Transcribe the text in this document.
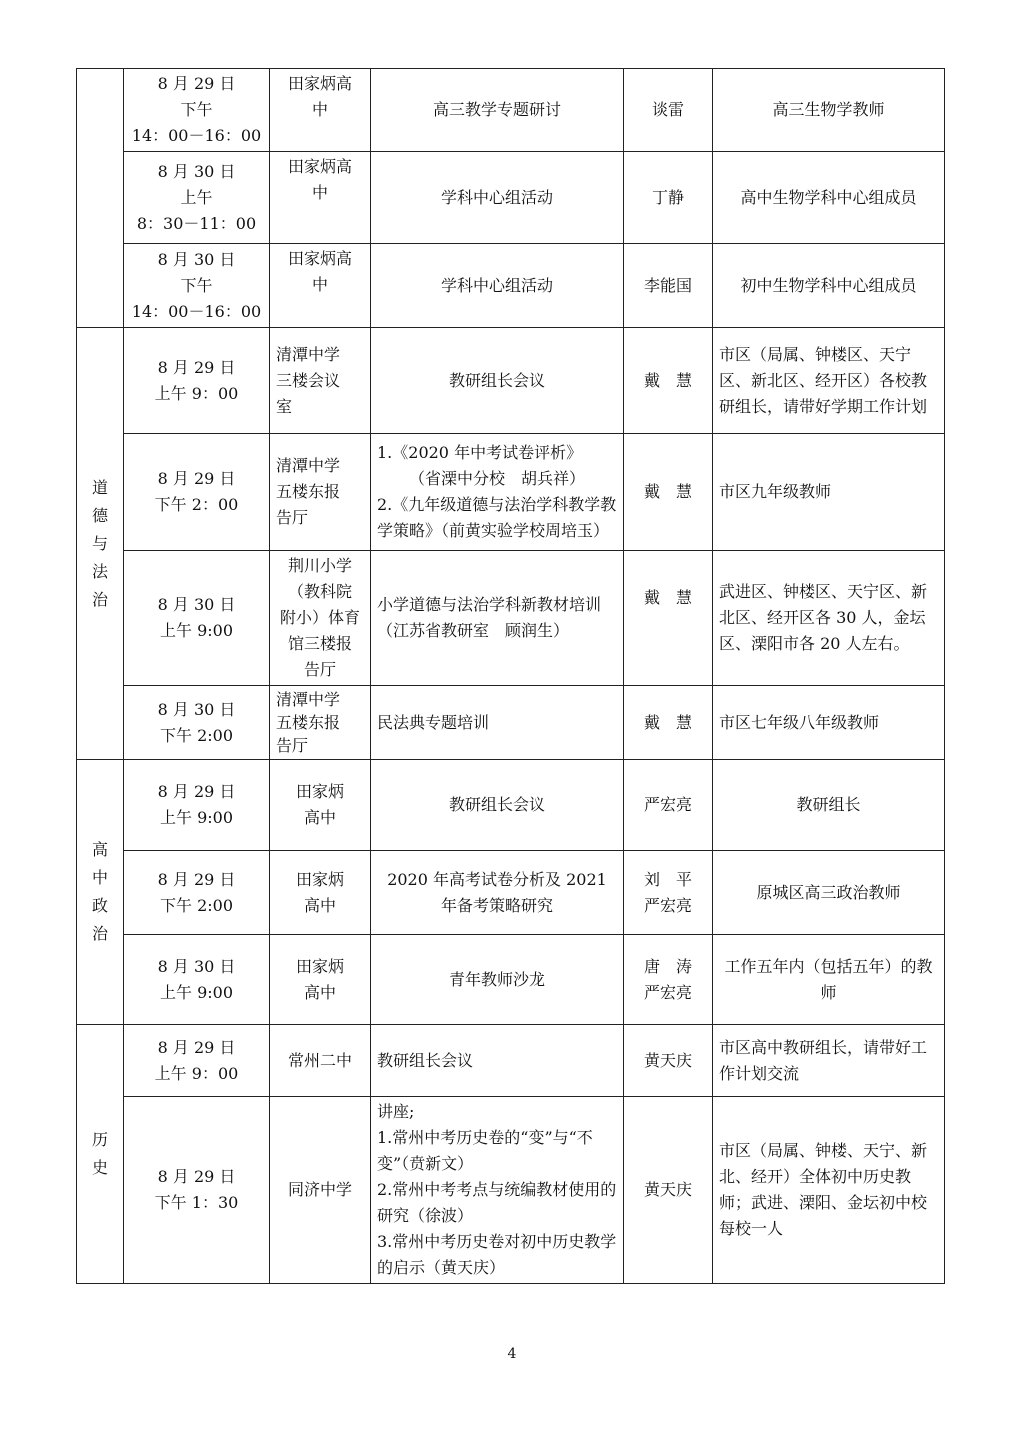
	8 月 29 日
下午
14：00－16：00	田家炳高
中	高三教学专题研讨	谈雷	高三生物学教师

	8 月 30 日
上午
8：30－11：00	田家炳高
中	学科中心组活动	丁静	高中生物学科中心组成员

	8 月 30 日
下午
14：00－16：00	田家炳高
中	学科中心组活动	李能国	初中生物学科中心组成员

道
德
与
法
治	8 月 29 日
上午 9：00	清潭中学
三楼会议
室	教研组长会议	戴　慧	市区（局属、钟楼区、天宁区、新北区、经开区）各校教研组长，请带好学期工作计划

	8 月 29 日
下午 2：00	清潭中学
五楼东报
告厅	1.《2020 年中考试卷评析》
（省溧中分校　胡兵祥）
2.《九年级道德与法治学科教学教学策略》（前黄实验学校周培玉）	戴　慧	市区九年级教师

	8 月 30 日
上午 9:00	荆川小学
（教科院
附小）体育
馆三楼报
告厅	小学道德与法治学科新教材培训（江苏省教研室　顾润生）	戴　慧	武进区、钟楼区、天宁区、新北区、经开区各 30 人，金坛区、溧阳市各 20 人左右。

	8 月 30 日
下午 2:00	清潭中学
五楼东报
告厅	民法典专题培训	戴　慧	市区七年级八年级教师

高
中
政
治	8 月 29 日
上午 9:00	田家炳
高中	教研组长会议	严宏亮	教研组长

	8 月 29 日
下午 2:00	田家炳
高中	2020 年高考试卷分析及 2021 年备考策略研究	刘　平
严宏亮	原城区高三政治教师

	8 月 30 日
上午 9:00	田家炳
高中	青年教师沙龙	唐　涛
严宏亮	工作五年内（包括五年）的教师

历
史	8 月 29 日
上午 9：00	常州二中	教研组长会议	黄天庆	市区高中教研组长，请带好工作计划交流

	8 月 29 日
下午 1：30	同济中学	讲座;
1.常州中考历史卷的“变”与“不变”（贲新文）
2.常州中考考点与统编教材使用的研究（徐波）
3.常州中考历史卷对初中历史教学的启示（黄天庆）	黄天庆	市区（局属、钟楼、天宁、新北、经开）全体初中历史教师；武进、溧阳、金坛初中校每校一人
4
